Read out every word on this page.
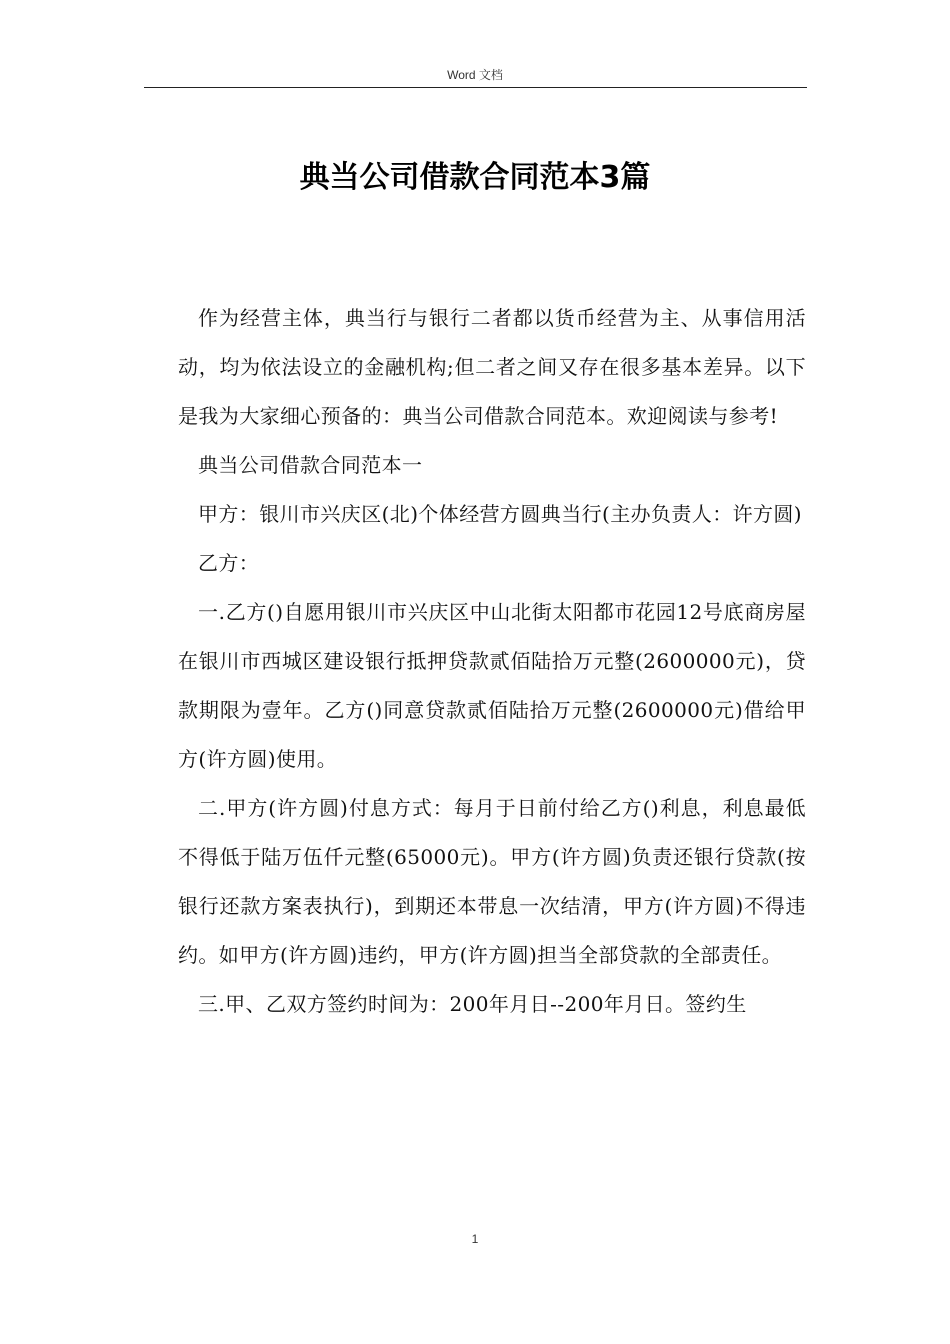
Word 文档
典当公司借款合同范本3篇

作为经营主体，典当行与银行二者都以货币经营为主、从事信用活动，均为依法设立的金融机构;但二者之间又存在很多基本差异。以下是我为大家细心预备的：典当公司借款合同范本。欢迎阅读与参考!

典当公司借款合同范本一

甲方：银川市兴庆区(北)个体经营方圆典当行(主办负责人：许方圆)

乙方：

一.乙方()自愿用银川市兴庆区中山北街太阳都市花园12号底商房屋在银川市西城区建设银行抵押贷款贰佰陆拾万元整(2600000元)，贷款期限为壹年。乙方()同意贷款贰佰陆拾万元整(2600000元)借给甲方(许方圆)使用。

二.甲方(许方圆)付息方式：每月于日前付给乙方()利息，利息最低不得低于陆万伍仟元整(65000元)。甲方(许方圆)负责还银行贷款(按银行还款方案表执行)，到期还本带息一次结清，甲方(许方圆)不得违约。如甲方(许方圆)违约，甲方(许方圆)担当全部贷款的全部责任。

三.甲、乙双方签约时间为：200年月日--200年月日。签约生

1
